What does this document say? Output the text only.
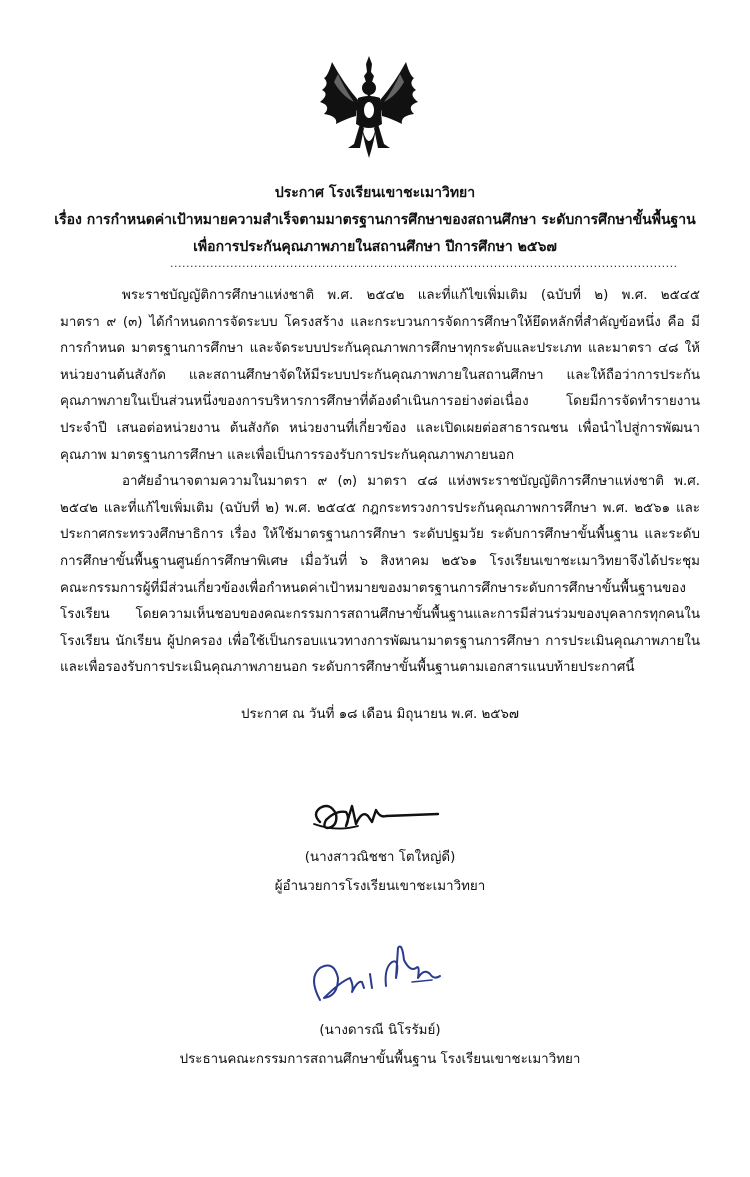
ประกาศ โรงเรียนเขาชะเมาวิทยา
เรื่อง การกำหนดค่าเป้าหมายความสำเร็จตามมาตรฐานการศึกษาของสถานศึกษา ระดับการศึกษาขั้นพื้นฐาน
เพื่อการประกันคุณภาพภายในสถานศึกษา ปีการศึกษา ๒๕๖๗
...............................................................................................................................
พระราชบัญญัติการศึกษาแห่งชาติ พ.ศ. ๒๕๔๒ และที่แก้ไขเพิ่มเติม (ฉบับที่ ๒) พ.ศ. ๒๕๔๕
มาตรา ๙ (๓) ได้กำหนดการจัดระบบ โครงสร้าง และกระบวนการจัดการศึกษาให้ยึดหลักที่สำคัญข้อหนึ่ง คือ มี
การกำหนด มาตรฐานการศึกษา และจัดระบบประกันคุณภาพการศึกษาทุกระดับและประเภท และมาตรา ๔๘ ให้
หน่วยงานต้นสังกัด และสถานศึกษาจัดให้มีระบบประกันคุณภาพภายในสถานศึกษา และให้ถือว่าการประกัน
คุณภาพภายในเป็นส่วนหนึ่งของการบริหารการศึกษาที่ต้องดำเนินการอย่างต่อเนื่อง โดยมีการจัดทำรายงาน
ประจำปี เสนอต่อหน่วยงาน ต้นสังกัด หน่วยงานที่เกี่ยวข้อง และเปิดเผยต่อสาธารณชน เพื่อนำไปสู่การพัฒนา
คุณภาพ มาตรฐานการศึกษา และเพื่อเป็นการรองรับการประกันคุณภาพภายนอก
อาศัยอำนาจตามความในมาตรา ๙ (๓) มาตรา ๔๘ แห่งพระราชบัญญัติการศึกษาแห่งชาติ พ.ศ.
๒๕๔๒ และที่แก้ไขเพิ่มเติม (ฉบับที่ ๒) พ.ศ. ๒๕๔๕ กฎกระทรวงการประกันคุณภาพการศึกษา พ.ศ. ๒๕๖๑ และ
ประกาศกระทรวงศึกษาธิการ เรื่อง ให้ใช้มาตรฐานการศึกษา ระดับปฐมวัย ระดับการศึกษาขั้นพื้นฐาน และระดับ
การศึกษาขั้นพื้นฐานศูนย์การศึกษาพิเศษ เมื่อวันที่ ๖ สิงหาคม ๒๕๖๑ โรงเรียนเขาชะเมาวิทยาจึงได้ประชุม
คณะกรรมการผู้ที่มีส่วนเกี่ยวข้องเพื่อกำหนดค่าเป้าหมายของมาตรฐานการศึกษาระดับการศึกษาขั้นพื้นฐานของ
โรงเรียน โดยความเห็นชอบของคณะกรรมการสถานศึกษาขั้นพื้นฐานและการมีส่วนร่วมของบุคลากรทุกคนใน
โรงเรียน นักเรียน ผู้ปกครอง เพื่อใช้เป็นกรอบแนวทางการพัฒนามาตรฐานการศึกษา การประเมินคุณภาพภายใน
และเพื่อรองรับการประเมินคุณภาพภายนอก ระดับการศึกษาขั้นพื้นฐานตามเอกสารแนบท้ายประกาศนี้
ประกาศ ณ วันที่ ๑๘ เดือน มิถุนายน พ.ศ. ๒๕๖๗
(นางสาวณิชชา โตใหญ่ดี)
ผู้อำนวยการโรงเรียนเขาชะเมาวิทยา
(นางดารณี นิโรรัมย์)
ประธานคณะกรรมการสถานศึกษาขั้นพื้นฐาน โรงเรียนเขาชะเมาวิทยา
